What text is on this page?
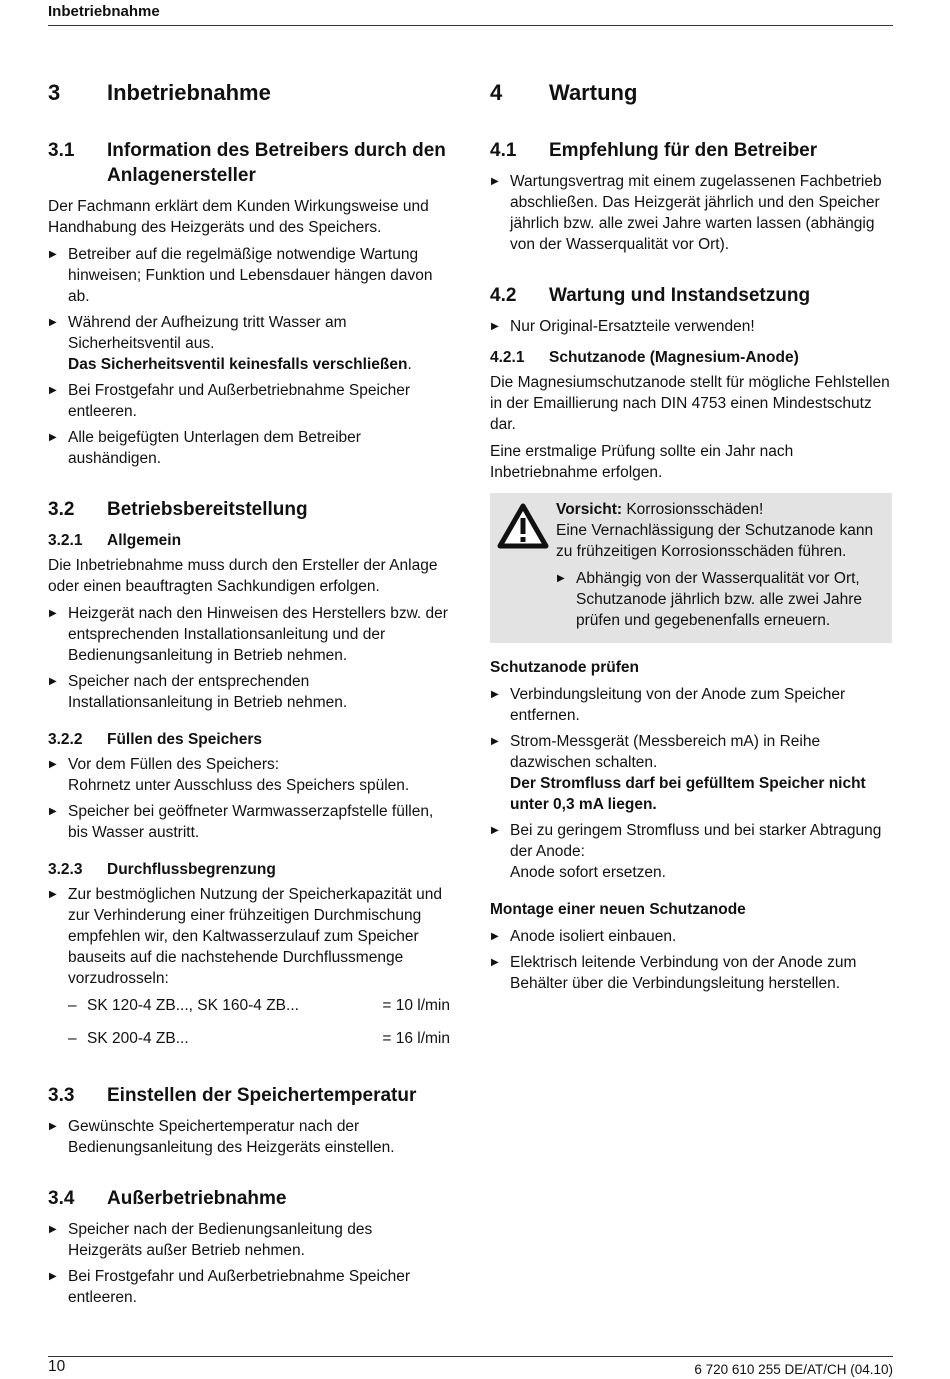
Inbetriebnahme
3	Inbetriebnahme
3.1	Information des Betreibers durch den Anlagenersteller

Der Fachmann erklärt dem Kunden Wirkungsweise und Handhabung des Heizgeräts und des Speichers.

▶ Betreiber auf die regelmäßige notwendige Wartung hinweisen; Funktion und Lebensdauer hängen davon ab.
▶ Während der Aufheizung tritt Wasser am Sicherheitsventil aus.
Das Sicherheitsventil keinesfalls verschließen.
▶ Bei Frostgefahr und Außerbetriebnahme Speicher entleeren.
▶ Alle beigefügten Unterlagen dem Betreiber aushändigen.
3.2	Betriebsbereitstellung
3.2.1	Allgemein

Die Inbetriebnahme muss durch den Ersteller der Anlage oder einen beauftragten Sachkundigen erfolgen.

▶ Heizgerät nach den Hinweisen des Herstellers bzw. der entsprechenden Installationsanleitung und der Bedienungsanleitung in Betrieb nehmen.
▶ Speicher nach der entsprechenden Installationsanleitung in Betrieb nehmen.
3.2.2	Füllen des Speichers
▶ Vor dem Füllen des Speichers:
Rohrnetz unter Ausschluss des Speichers spülen.
▶ Speicher bei geöffneter Warmwasserzapfstelle füllen, bis Wasser austritt.
3.2.3	Durchflussbegrenzung
▶ Zur bestmöglichen Nutzung der Speicherkapazität und zur Verhinderung einer frühzeitigen Durchmischung empfehlen wir, den Kaltwasserzulauf zum Speicher bauseits auf die nachstehende Durchflussmenge vorzudrosseln:
– SK 120-4 ZB..., SK 160-4 ZB...	= 10 l/min
– SK 200-4 ZB...	= 16 l/min
3.3	Einstellen der Speichertemperatur
▶ Gewünschte Speichertemperatur nach der Bedienungsanleitung des Heizgeräts einstellen.
3.4	Außerbetriebnahme
▶ Speicher nach der Bedienungsanleitung des Heizgeräts außer Betrieb nehmen.
▶ Bei Frostgefahr und Außerbetriebnahme Speicher entleeren.
4	Wartung
4.1	Empfehlung für den Betreiber
▶ Wartungsvertrag mit einem zugelassenen Fachbetrieb abschließen. Das Heizgerät jährlich und den Speicher jährlich bzw. alle zwei Jahre warten lassen (abhängig von der Wasserqualität vor Ort).
4.2	Wartung und Instandsetzung
▶ Nur Original-Ersatzteile verwenden!
4.2.1	Schutzanode (Magnesium-Anode)

Die Magnesiumschutzanode stellt für mögliche Fehlstellen in der Emaillierung nach DIN 4753 einen Mindestschutz dar.

Eine erstmalige Prüfung sollte ein Jahr nach Inbetriebnahme erfolgen.

Vorsicht: Korrosionsschäden!

Eine Vernachlässigung der Schutzanode kann zu frühzeitigen Korrosionsschäden führen.

▶ Abhängig von der Wasserqualität vor Ort, Schutzanode jährlich bzw. alle zwei Jahre prüfen und gegebenenfalls erneuern.
Schutzanode prüfen
▶ Verbindungsleitung von der Anode zum Speicher entfernen.
▶ Strom-Messgerät (Messbereich mA) in Reihe dazwischen schalten.
Der Stromfluss darf bei gefülltem Speicher nicht unter 0,3 mA liegen.
▶ Bei zu geringem Stromfluss und bei starker Abtragung der Anode:
Anode sofort ersetzen.
Montage einer neuen Schutzanode
▶ Anode isoliert einbauen.
▶ Elektrisch leitende Verbindung von der Anode zum Behälter über die Verbindungsleitung herstellen.
10	6 720 610 255 DE/AT/CH (04.10)
